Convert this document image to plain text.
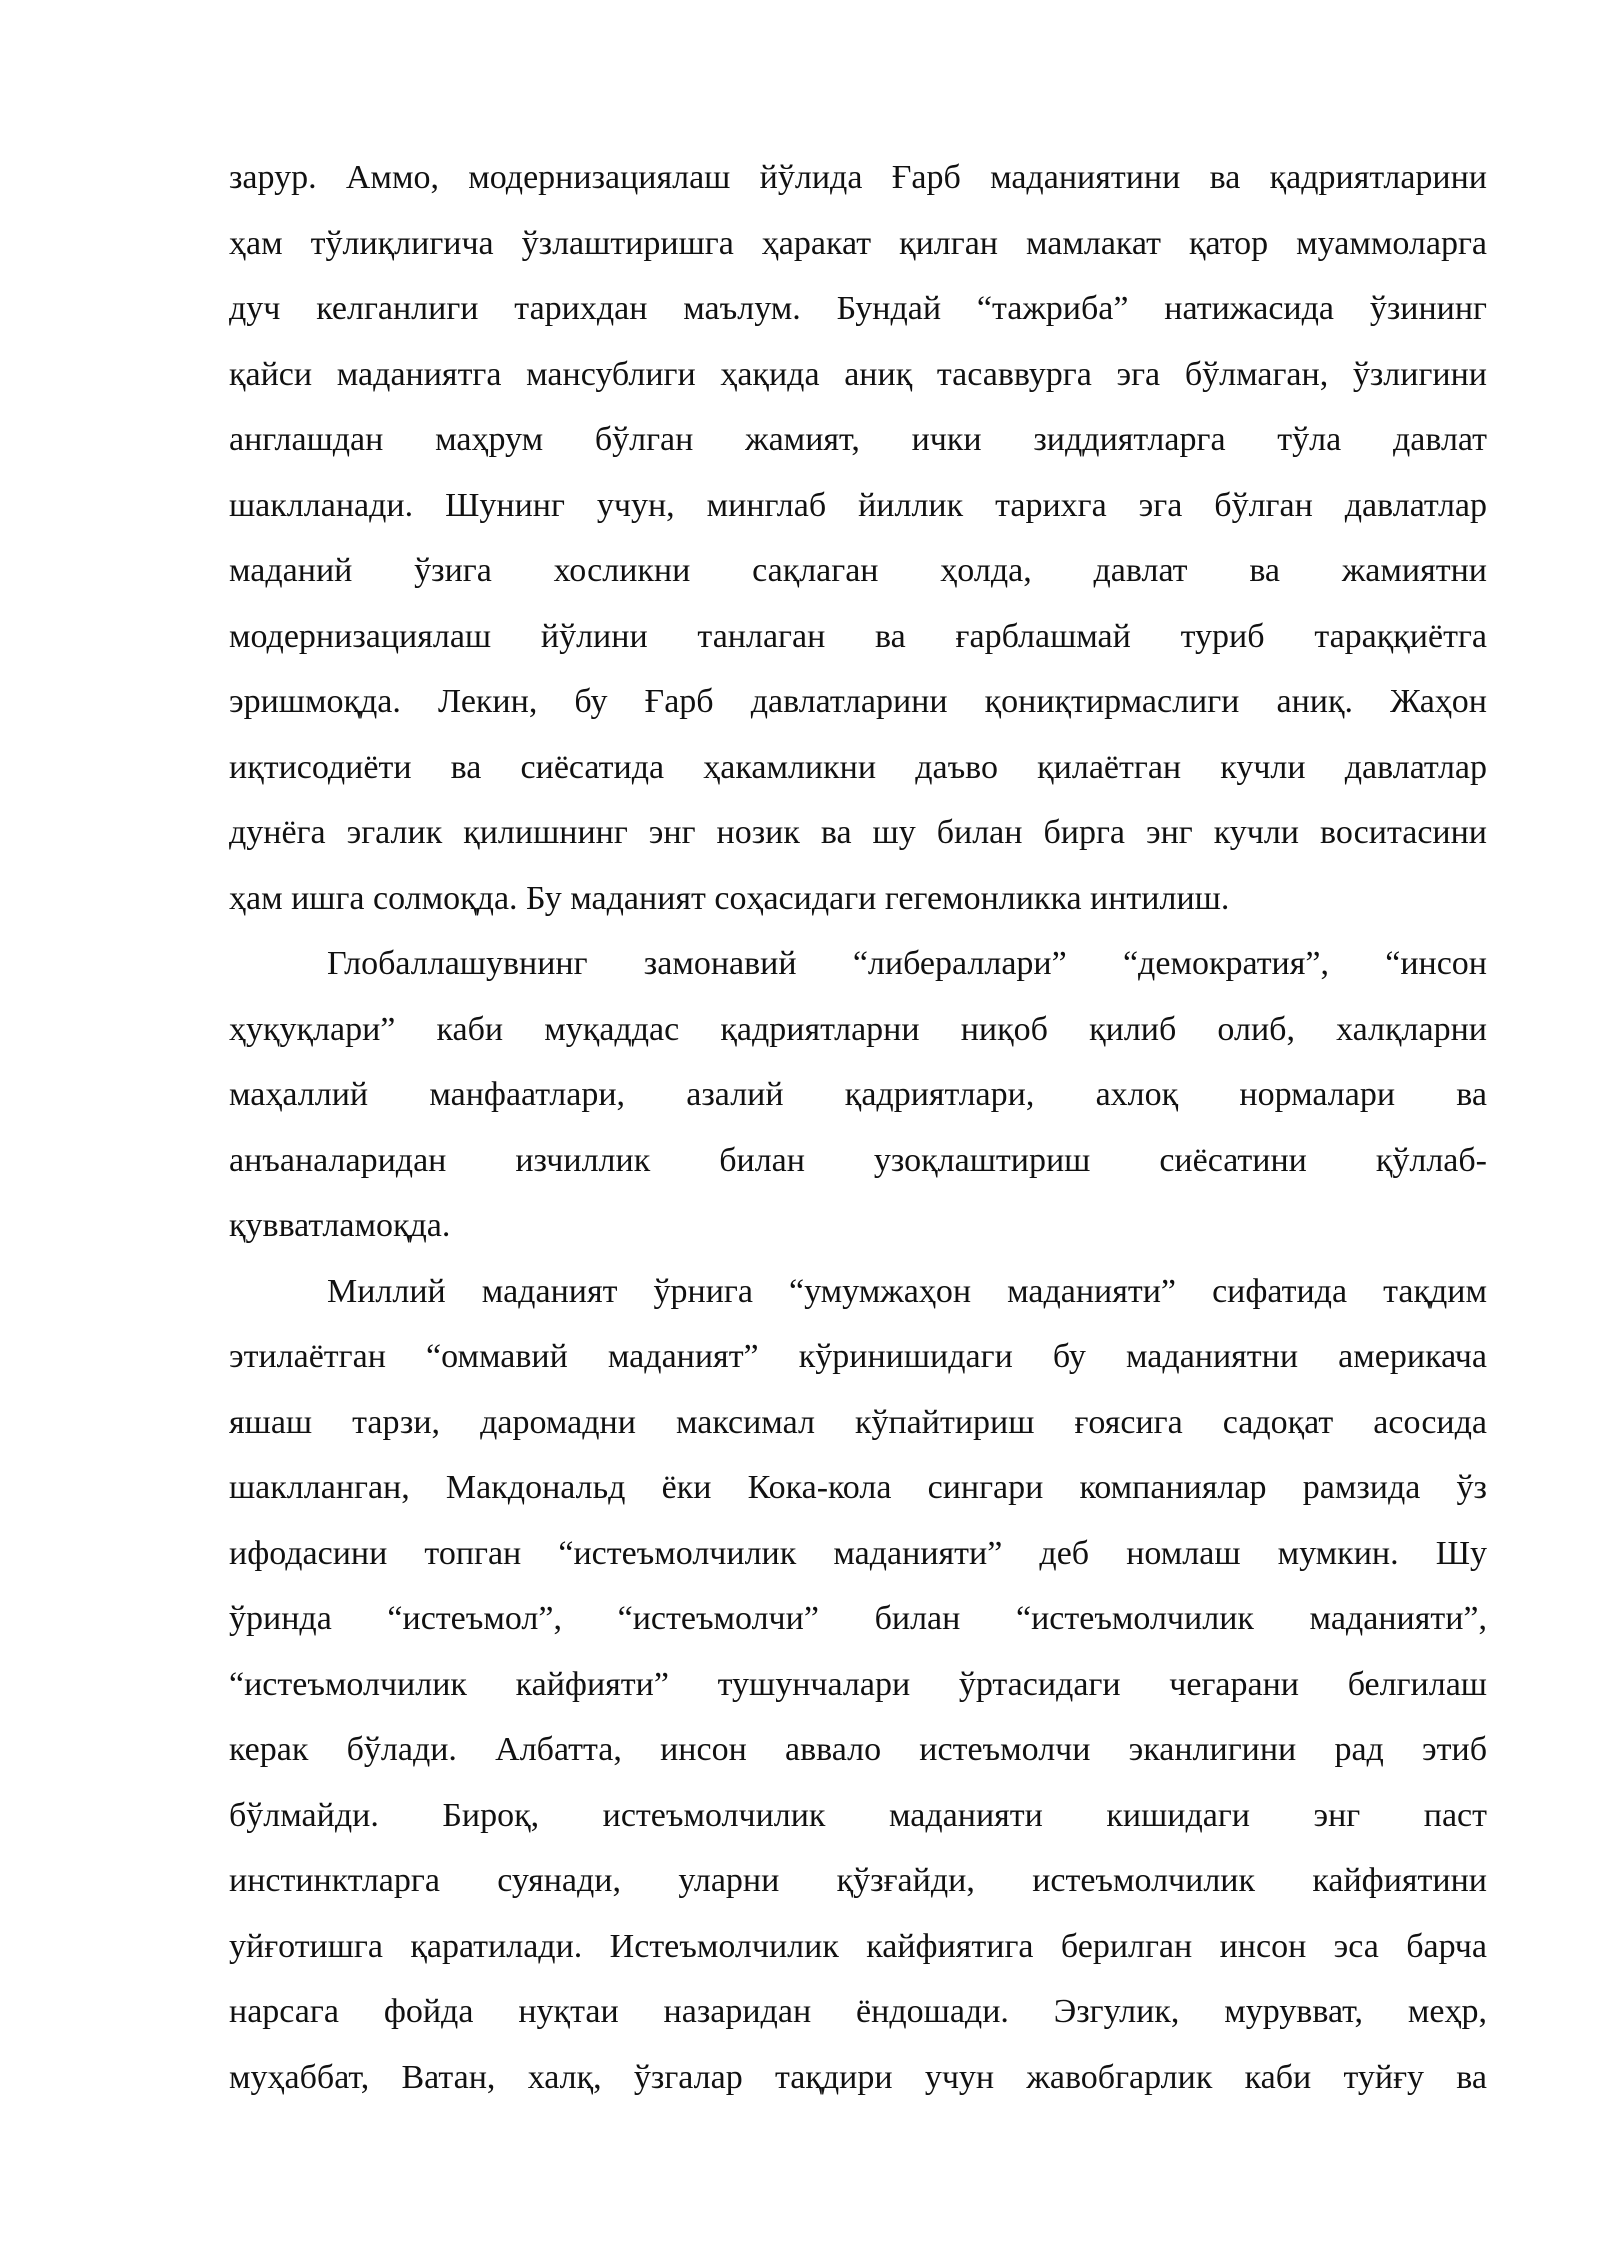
зарур. Аммо, модернизациялаш йўлида Ғарб маданиятини ва қадриятларини
ҳам тўлиқлигича ўзлаштиришга ҳаракат қилган мамлакат қатор муаммоларга
дуч келганлиги тарихдан маълум. Бундай “тажриба” натижасида ўзининг
қайси маданиятга мансублиги ҳақида аниқ тасаввурга эга бўлмаган, ўзлигини
англашдан маҳрум бўлган жамият, ички зиддиятларга тўла давлат
шаклланади. Шунинг учун, минглаб йиллик тарихга эга бўлган давлатлар
маданий ўзига хосликни сақлаган ҳолда, давлат ва жамиятни
модернизациялаш йўлини танлаган ва ғарблашмай туриб тараққиётга
эришмоқда. Лекин, бу Ғарб давлатларини қониқтирмаслиги аниқ. Жаҳон
иқтисодиёти ва сиёсатида ҳакамликни даъво қилаётган кучли давлатлар
дунёга эгалик қилишнинг энг нозик ва шу билан бирга энг кучли воситасини
ҳам ишга солмоқда. Бу маданият соҳасидаги гегемонликка интилиш.
Глобаллашувнинг замонавий “либераллари” “демократия”, “инсон
ҳуқуқлари” каби муқаддас қадриятларни ниқоб қилиб олиб, халқларни
маҳаллий манфаатлари, азалий қадриятлари, ахлоқ нормалари ва
анъаналаридан изчиллик билан узоқлаштириш сиёсатини қўллаб-
қувватламоқда.
Миллий маданият ўрнига “умумжаҳон маданияти” сифатида тақдим
этилаётган “оммавий маданият” кўринишидаги бу маданиятни америкача
яшаш тарзи, даромадни максимал кўпайтириш ғоясига садоқат асосида
шаклланган, Макдональд ёки Кока-кола сингари компаниялар рамзида ўз
ифодасини топган “истеъмолчилик маданияти” деб номлаш мумкин. Шу
ўринда “истеъмол”, “истеъмолчи” билан “истеъмолчилик маданияти”,
“истеъмолчилик кайфияти” тушунчалари ўртасидаги чегарани белгилаш
керак бўлади. Албатта, инсон аввало истеъмолчи эканлигини рад этиб
бўлмайди. Бироқ, истеъмолчилик маданияти кишидаги энг паст
инстинктларга суянади, уларни қўзғайди, истеъмолчилик кайфиятини
уйғотишга қаратилади. Истеъмолчилик кайфиятига берилган инсон эса барча
нарсага фойда нуқтаи назаридан ёндошади. Эзгулик, мурувват, меҳр,
муҳаббат, Ватан, халқ, ўзгалар тақдири учун жавобгарлик каби туйғу ва
